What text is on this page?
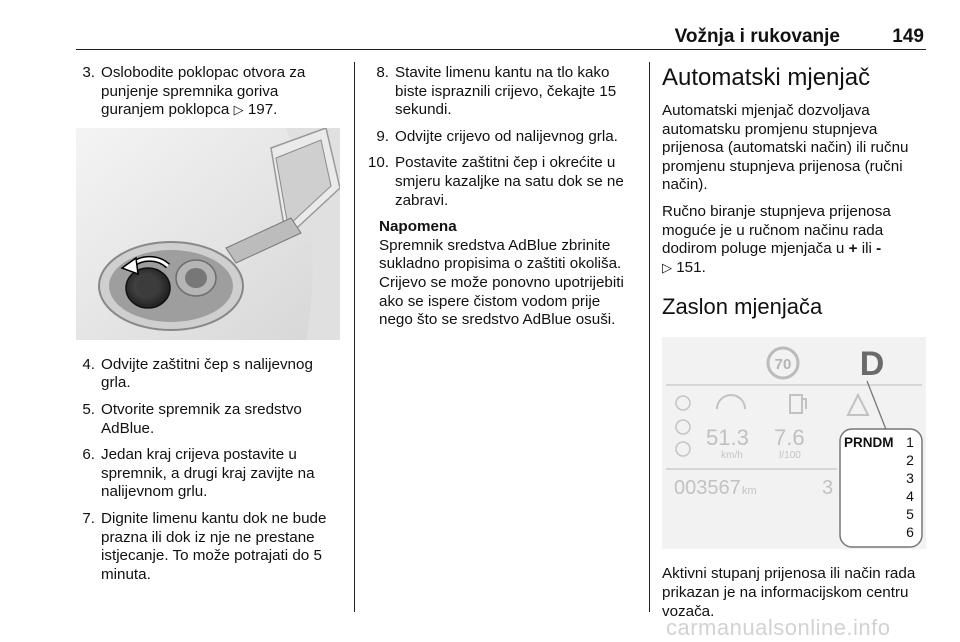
Vožnja i rukovanje	149
3. Oslobodite poklopac otvora za punjenje spremnika goriva guranjem poklopca ▷ 197.
4. Odvijte zaštitni čep s nalijevnog grla.
5. Otvorite spremnik za sredstvo AdBlue.
6. Jedan kraj crijeva postavite u spremnik, a drugi kraj zavijte na nalijevnom grlu.
7. Dignite limenu kantu dok ne bude prazna ili dok iz nje ne prestane istjecanje. To može potrajati do 5 minuta.
8. Stavite limenu kantu na tlo kako biste ispraznili crijevo, čekajte 15 sekundi.
9. Odvijte crijevo od nalijevnog grla.
10. Postavite zaštitni čep i okrećite u smjeru kazaljke na satu dok se ne zabravi.
Napomena
Spremnik sredstva AdBlue zbrinite sukladno propisima o zaštiti okoliša. Crijevo se može ponovno upotrijebiti ako se ispere čistom vodom prije nego što se sredstvo AdBlue osuši.
Automatski mjenjač
Automatski mjenjač dozvoljava automatsku promjenu stupnjeva prijenosa (automatski način) ili ručnu promjenu stupnjeva prijenosa (ručni način).
Ručno biranje stupnjeva prijenosa moguće je u ručnom načinu rada dodirom poluge mjenjača u + ili -
▷ 151.
Zaslon mjenjača
70 D
51.3
km/h
7.6
l/100
003567 km	3
PRNDM 1
2
3
4
5
6
Aktivni stupanj prijenosa ili način rada prikazan je na informacijskom centru vozača.
carmanualsonline.info
